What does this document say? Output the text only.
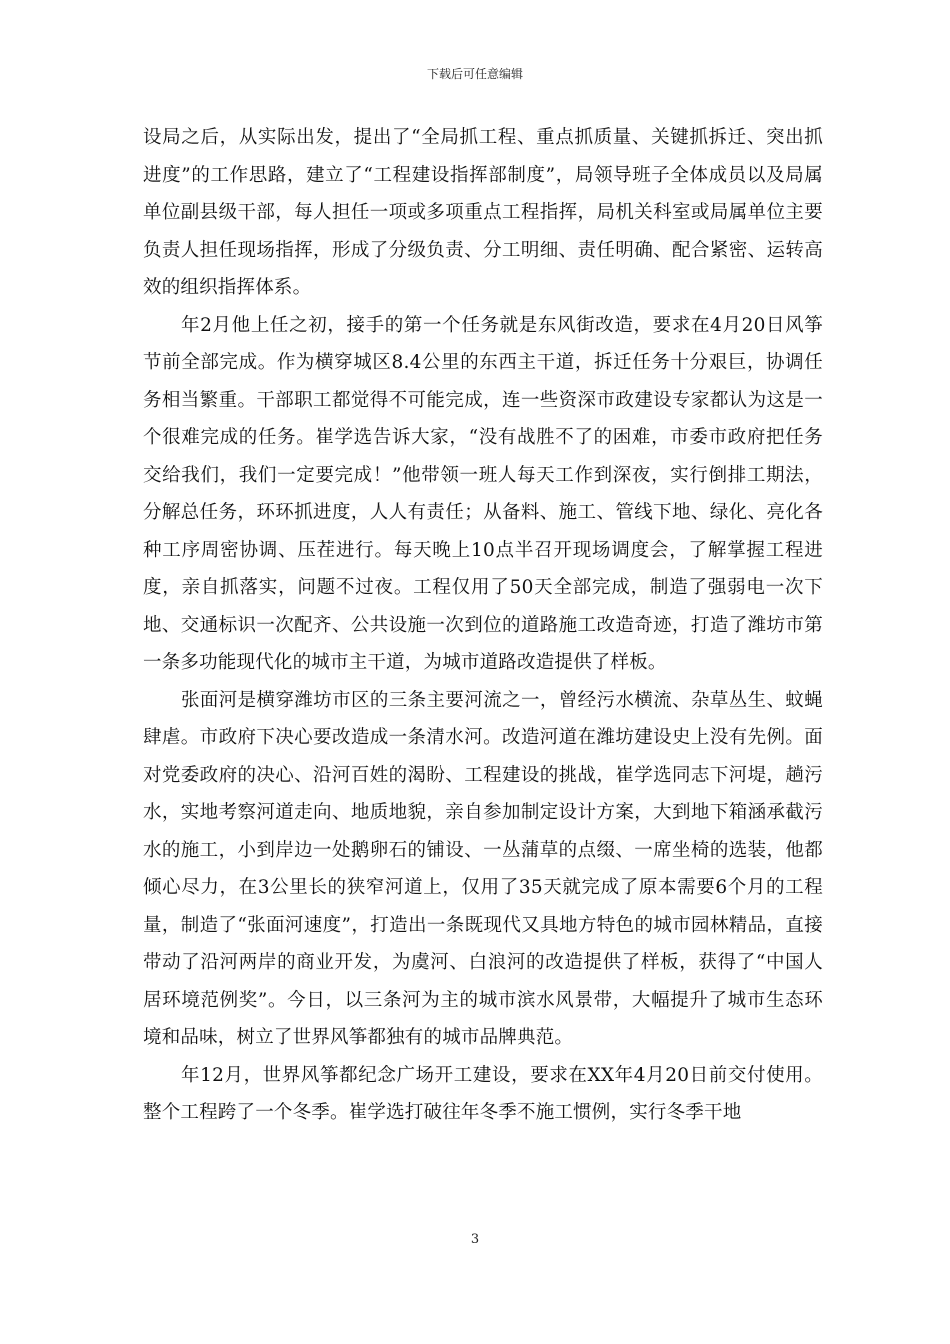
下载后可任意编辑

设局之后，从实际出发，提出了“全局抓工程、重点抓质量、关键抓拆迁、突出抓进度”的工作思路，建立了“工程建设指挥部制度”，局领导班子全体成员以及局属单位副县级干部，每人担任一项或多项重点工程指挥，局机关科室或局属单位主要负责人担任现场指挥，形成了分级负责、分工明细、责任明确、配合紧密、运转高效的组织指挥体系。

年2月他上任之初，接手的第一个任务就是东风街改造，要求在4月20日风筝节前全部完成。作为横穿城区8.4公里的东西主干道，拆迁任务十分艰巨，协调任务相当繁重。干部职工都觉得不可能完成，连一些资深市政建设专家都认为这是一个很难完成的任务。崔学选告诉大家，“没有战胜不了的困难，市委市政府把任务交给我们，我们一定要完成！”他带领一班人每天工作到深夜，实行倒排工期法，分解总任务，环环抓进度，人人有责任；从备料、施工、管线下地、绿化、亮化各种工序周密协调、压茬进行。每天晚上10点半召开现场调度会，了解掌握工程进度，亲自抓落实，问题不过夜。工程仅用了50天全部完成，制造了强弱电一次下地、交通标识一次配齐、公共设施一次到位的道路施工改造奇迹，打造了潍坊市第一条多功能现代化的城市主干道，为城市道路改造提供了样板。

张面河是横穿潍坊市区的三条主要河流之一，曾经污水横流、杂草丛生、蚊蝇肆虐。市政府下决心要改造成一条清水河。改造河道在潍坊建设史上没有先例。面对党委政府的决心、沿河百姓的渴盼、工程建设的挑战，崔学选同志下河堤，趟污水，实地考察河道走向、地质地貌，亲自参加制定设计方案，大到地下箱涵承截污水的施工，小到岸边一处鹅卵石的铺设、一丛蒲草的点缀、一席坐椅的选装，他都倾心尽力，在3公里长的狭窄河道上，仅用了35天就完成了原本需要6个月的工程量，制造了“张面河速度”，打造出一条既现代又具地方特色的城市园林精品，直接带动了沿河两岸的商业开发，为虞河、白浪河的改造提供了样板，获得了“中国人居环境范例奖”。今日，以三条河为主的城市滨水风景带，大幅提升了城市生态环境和品味，树立了世界风筝都独有的城市品牌典范。

年12月，世界风筝都纪念广场开工建设，要求在XX年4月20日前交付使用。整个工程跨了一个冬季。崔学选打破往年冬季不施工惯例，实行冬季干地

3
